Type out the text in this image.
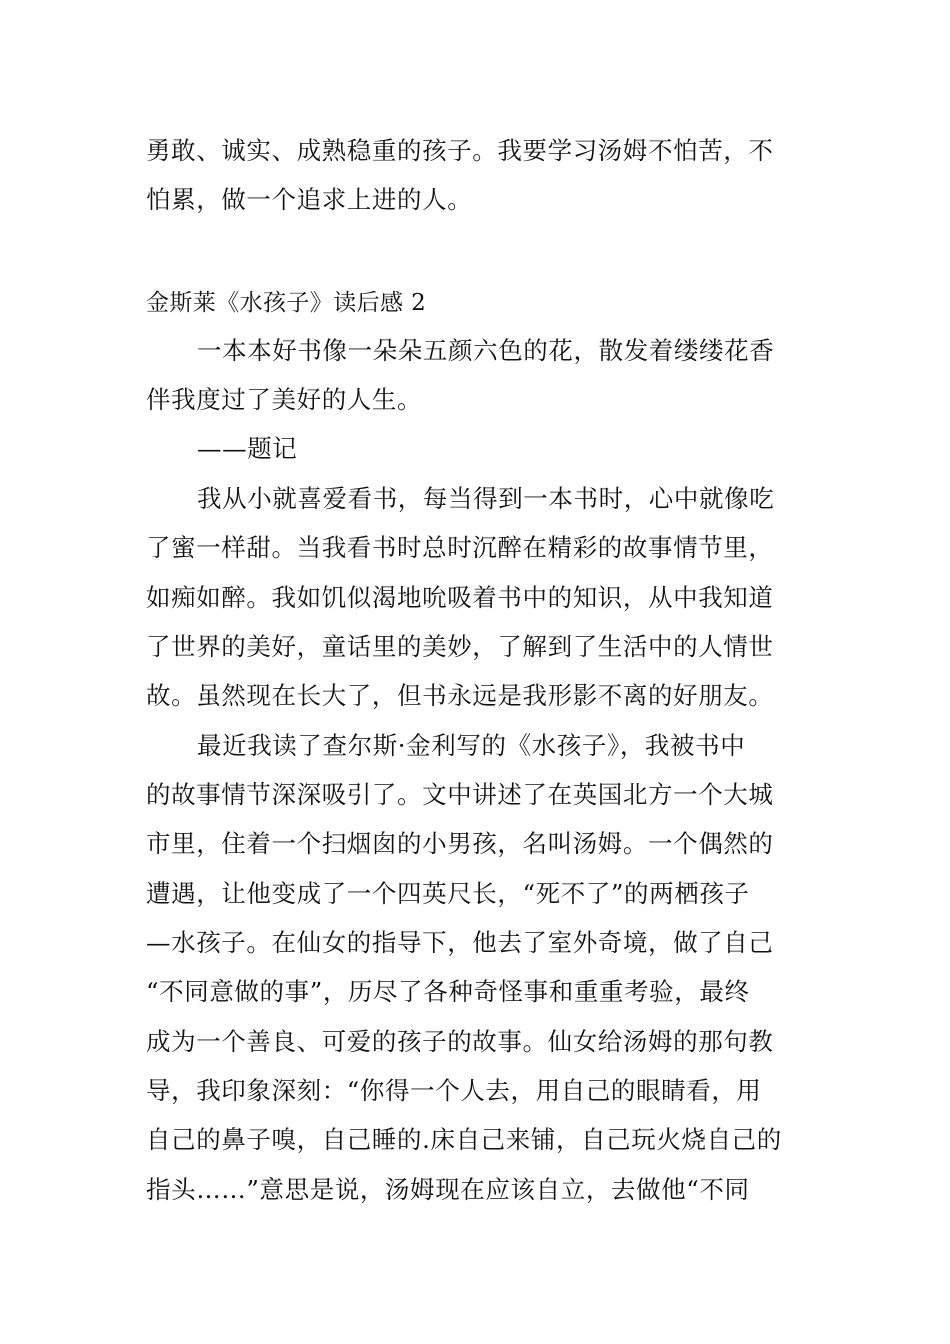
勇敢、诚实、成熟稳重的孩子。我要学习汤姆不怕苦，不
怕累，做一个追求上进的人。
金斯莱《水孩子》读后感 2
一本本好书像一朵朵五颜六色的花，散发着缕缕花香
伴我度过了美好的人生。
——题记
我从小就喜爱看书，每当得到一本书时，心中就像吃
了蜜一样甜。当我看书时总时沉醉在精彩的故事情节里，
如痴如醉。我如饥似渴地吮吸着书中的知识，从中我知道
了世界的美好，童话里的美妙，了解到了生活中的人情世
故。虽然现在长大了，但书永远是我形影不离的好朋友。
最近我读了查尔斯·金利写的《水孩子》，我被书中
的故事情节深深吸引了。文中讲述了在英国北方一个大城
市里，住着一个扫烟囱的小男孩，名叫汤姆。一个偶然的
遭遇，让他变成了一个四英尺长，“死不了”的两栖孩子
—水孩子。在仙女的指导下，他去了室外奇境，做了自己
“不同意做的事”，历尽了各种奇怪事和重重考验，最终
成为一个善良、可爱的孩子的故事。仙女给汤姆的那句教
导，我印象深刻：“你得一个人去，用自己的眼睛看，用
自己的鼻子嗅，自己睡的.床自己来铺，自己玩火烧自己的
指头……”意思是说，汤姆现在应该自立，去做他“不同
